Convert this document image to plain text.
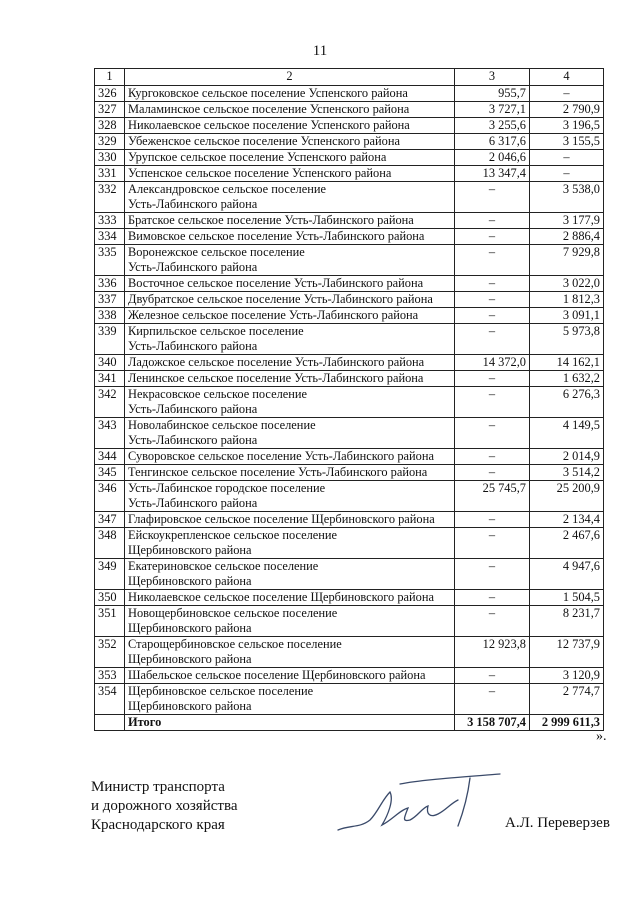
11
1	2	3	4
326	Кургоковское сельское поселение Успенского района	955,7	–
327	Маламинское сельское поселение Успенского района	3 727,1	2 790,9
328	Николаевское сельское поселение Успенского района	3 255,6	3 196,5
329	Убеженское сельское поселение Успенского района	6 317,6	3 155,5
330	Урупское сельское поселение Успенского района	2 046,6	–
331	Успенское сельское поселение Успенского района	13 347,4	–
332	Александровское сельское поселение
Усть-Лабинского района	–	3 538,0
333	Братское сельское поселение Усть-Лабинского района	–	3 177,9
334	Вимовское сельское поселение Усть-Лабинского района	–	2 886,4
335	Воронежское сельское поселение
Усть-Лабинского района	–	7 929,8
336	Восточное сельское поселение Усть-Лабинского района	–	3 022,0
337	Двубратское сельское поселение Усть-Лабинского района	–	1 812,3
338	Железное сельское поселение Усть-Лабинского района	–	3 091,1
339	Кирпильское сельское поселение
Усть-Лабинского района	–	5 973,8
340	Ладожское сельское поселение Усть-Лабинского района	14 372,0	14 162,1
341	Ленинское сельское поселение Усть-Лабинского района	–	1 632,2
342	Некрасовское сельское поселение
Усть-Лабинского района	–	6 276,3
343	Новолабинское сельское поселение
Усть-Лабинского района	–	4 149,5
344	Суворовское сельское поселение Усть-Лабинского района	–	2 014,9
345	Тенгинское сельское поселение Усть-Лабинского района	–	3 514,2
346	Усть-Лабинское городское поселение
Усть-Лабинского района	25 745,7	25 200,9
347	Глафировское сельское поселение Щербиновского района	–	2 134,4
348	Ейскоукрепленское сельское поселение
Щербиновского района	–	2 467,6
349	Екатериновское сельское поселение
Щербиновского района	–	4 947,6
350	Николаевское сельское поселение Щербиновского района	–	1 504,5
351	Новощербиновское сельское поселение
Щербиновского района	–	8 231,7
352	Старощербиновское сельское поселение
Щербиновского района	12 923,8	12 737,9
353	Шабельское сельское поселение Щербиновского района	–	3 120,9
354	Щербиновское сельское поселение
Щербиновского района	–	2 774,7
	Итого	3 158 707,4	2 999 611,3
».
Министр транспорта
и дорожного хозяйства
Краснодарского края	А.Л. Переверзев
